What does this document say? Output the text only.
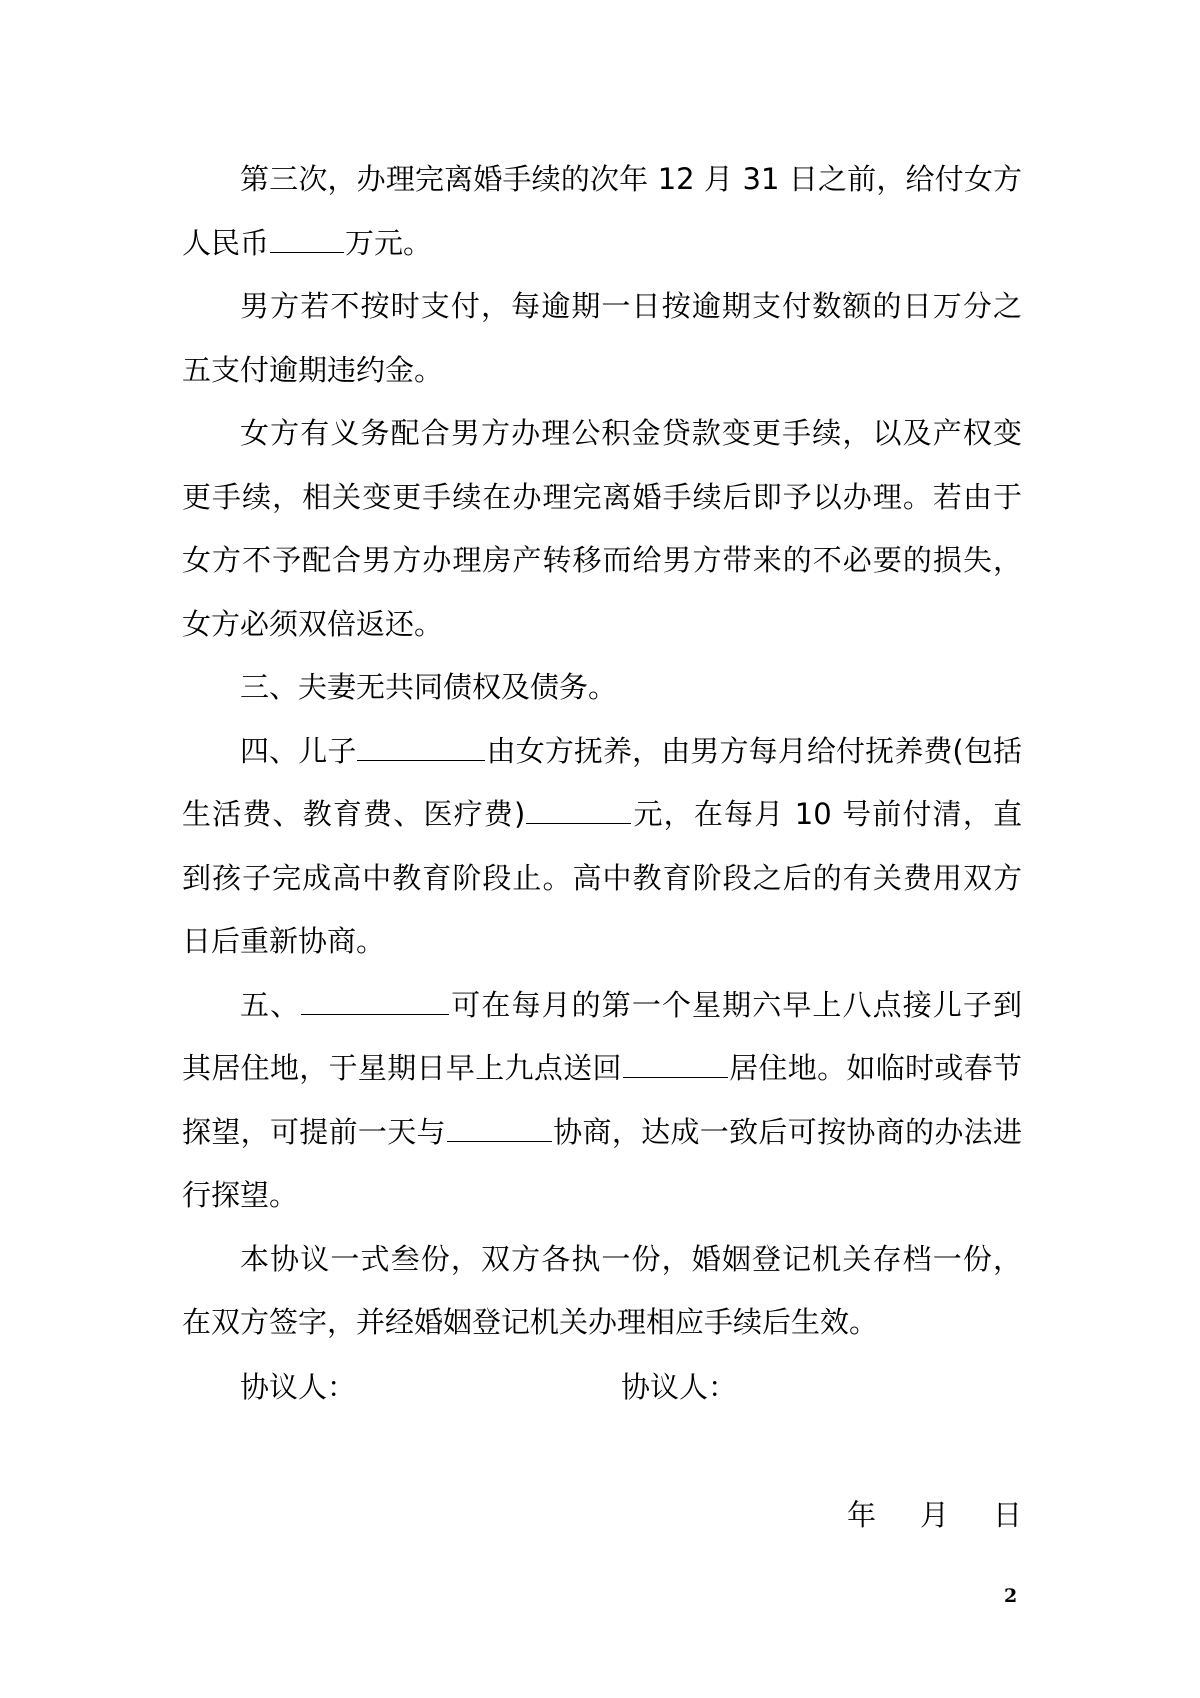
第三次，办理完离婚手续的次年 12 月 31 日之前，给付女方人民币	万元。

男方若不按时支付，每逾期一日按逾期支付数额的日万分之五支付逾期违约金。

女方有义务配合男方办理公积金贷款变更手续，以及产权变更手续，相关变更手续在办理完离婚手续后即予以办理。若由于女方不予配合男方办理房产转移而给男方带来的不必要的损失，女方必须双倍返还。

三、夫妻无共同债权及债务。

四、儿子	由女方抚养，由男方每月给付抚养费(包括生活费、教育费、医疗费)	元，在每月 10 号前付清，直到孩子完成高中教育阶段止。高中教育阶段之后的有关费用双方日后重新协商。

五、	可在每月的第一个星期六早上八点接儿子到其居住地，于星期日早上九点送回	居住地。如临时或春节探望，可提前一天与	协商，达成一致后可按协商的办法进行探望。

本协议一式叁份，双方各执一份，婚姻登记机关存档一份，在双方签字，并经婚姻登记机关办理相应手续后生效。

协议人：	协议人：
年 月 日
2
